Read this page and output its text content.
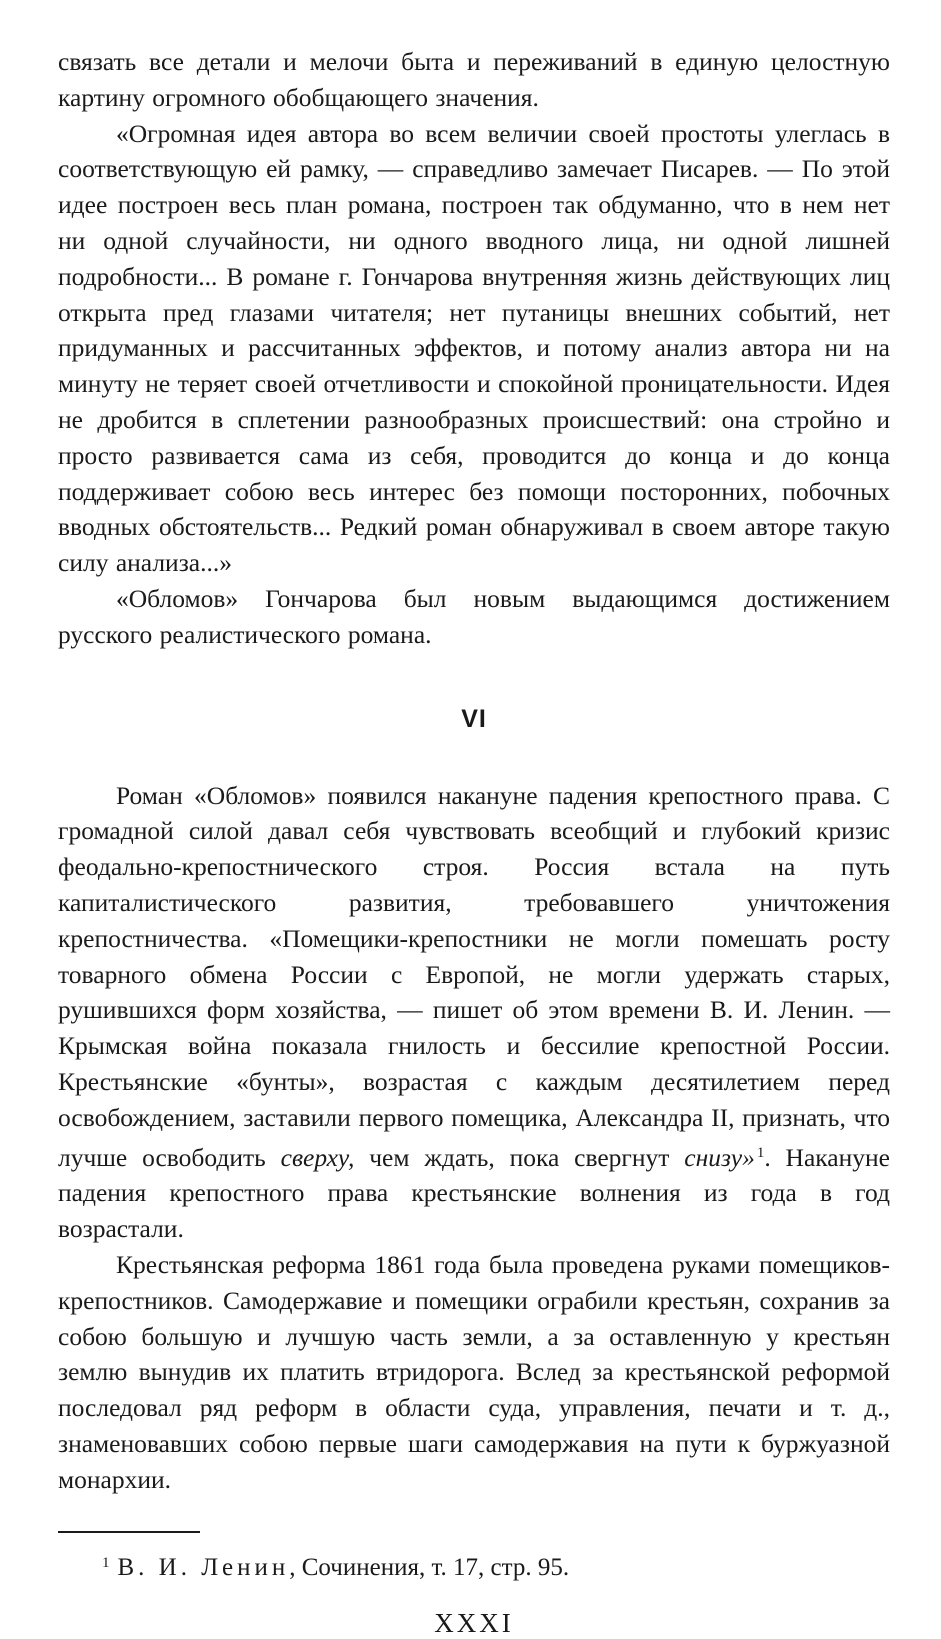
связать все детали и мелочи быта и переживаний в единую целостную картину огромного обобщающего значения.

«Огромная идея автора во всем величии своей простоты улеглась в соответствующую ей рамку, — справедливо замечает Писарев. — По этой идее построен весь план романа, построен так обдуманно, что в нем нет ни одной случайности, ни одного вводного лица, ни одной лишней подробности... В романе г. Гончарова внутренняя жизнь действующих лиц открыта пред глазами читателя; нет путаницы внешних событий, нет придуманных и рассчитанных эффектов, и потому анализ автора ни на минуту не теряет своей отчетливости и спокойной проницательности. Идея не дробится в сплетении разнообразных происшествий: она стройно и просто развивается сама из себя, проводится до конца и до конца поддерживает собою весь интерес без помощи посторонних, побочных вводных обстоятельств... Редкий роман обнаруживал в своем авторе такую силу анализа...»

«Обломов» Гончарова был новым выдающимся достижением русского реалистического романа.

VI

Роман «Обломов» появился накануне падения крепостного права. С громадной силой давал себя чувствовать всеобщий и глубокий кризис феодально-крепостнического строя. Россия встала на путь капиталистического развития, требовавшего уничтожения крепостничества. «Помещики-крепостники не могли помешать росту товарного обмена России с Европой, не могли удержать старых, рушившихся форм хозяйства, — пишет об этом времени В. И. Ленин. — Крымская война показала гнилость и бессилие крепостной России. Крестьянские «бунты», возрастая с каждым десятилетием перед освобождением, заставили первого помещика, Александра II, признать, что лучше освободить сверху, чем ждать, пока свергнут снизу» $^1$. Накануне падения крепостного права крестьянские волнения из года в год возрастали.

Крестьянская реформа 1861 года была проведена руками помещиков-крепостников. Самодержавие и помещики ограбили крестьян, сохранив за собою большую и лучшую часть земли, а за оставленную у крестьян землю вынудив их платить втридорога. Вслед за крестьянской реформой последовал ряд реформ в области суда, управления, печати и т. д., знаменовавших собою первые шаги самодержавия на пути к буржуазной монархии.

$^1$ В. И. Ленин, Сочинения, т. 17, стр. 95.
XXXI
